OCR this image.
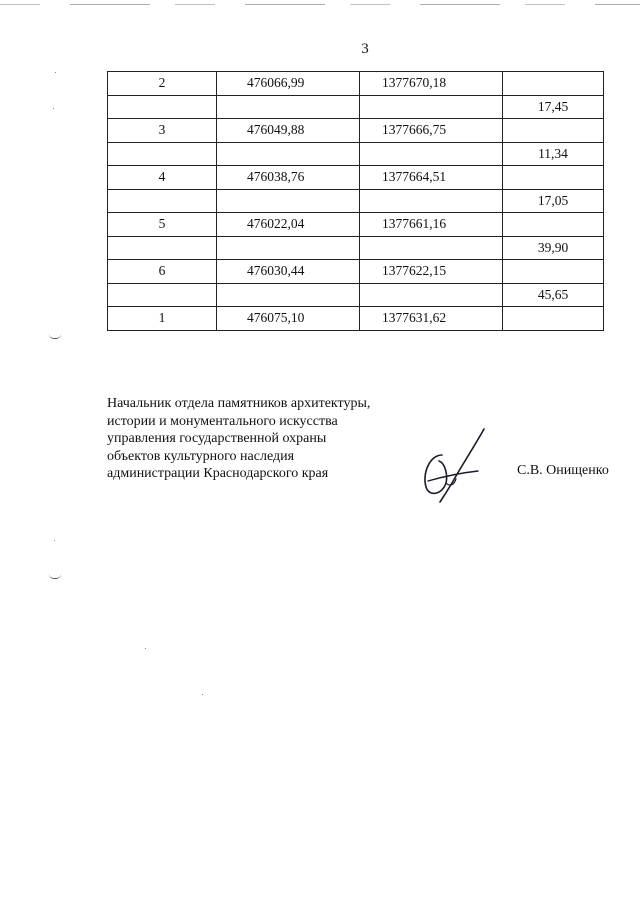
3
2	476066,99	1377670,18	
			17,45
3	476049,88	1377666,75	
			11,34
4	476038,76	1377664,51	
			17,05
5	476022,04	1377661,16	
			39,90
6	476030,44	1377622,15	
			45,65
1	476075,10	1377631,62	
Начальник отдела памятников архитектуры,
истории и монументального искусства
управления государственной охраны
объектов культурного наследия
администрации Краснодарского края	С.В. Онищенко
